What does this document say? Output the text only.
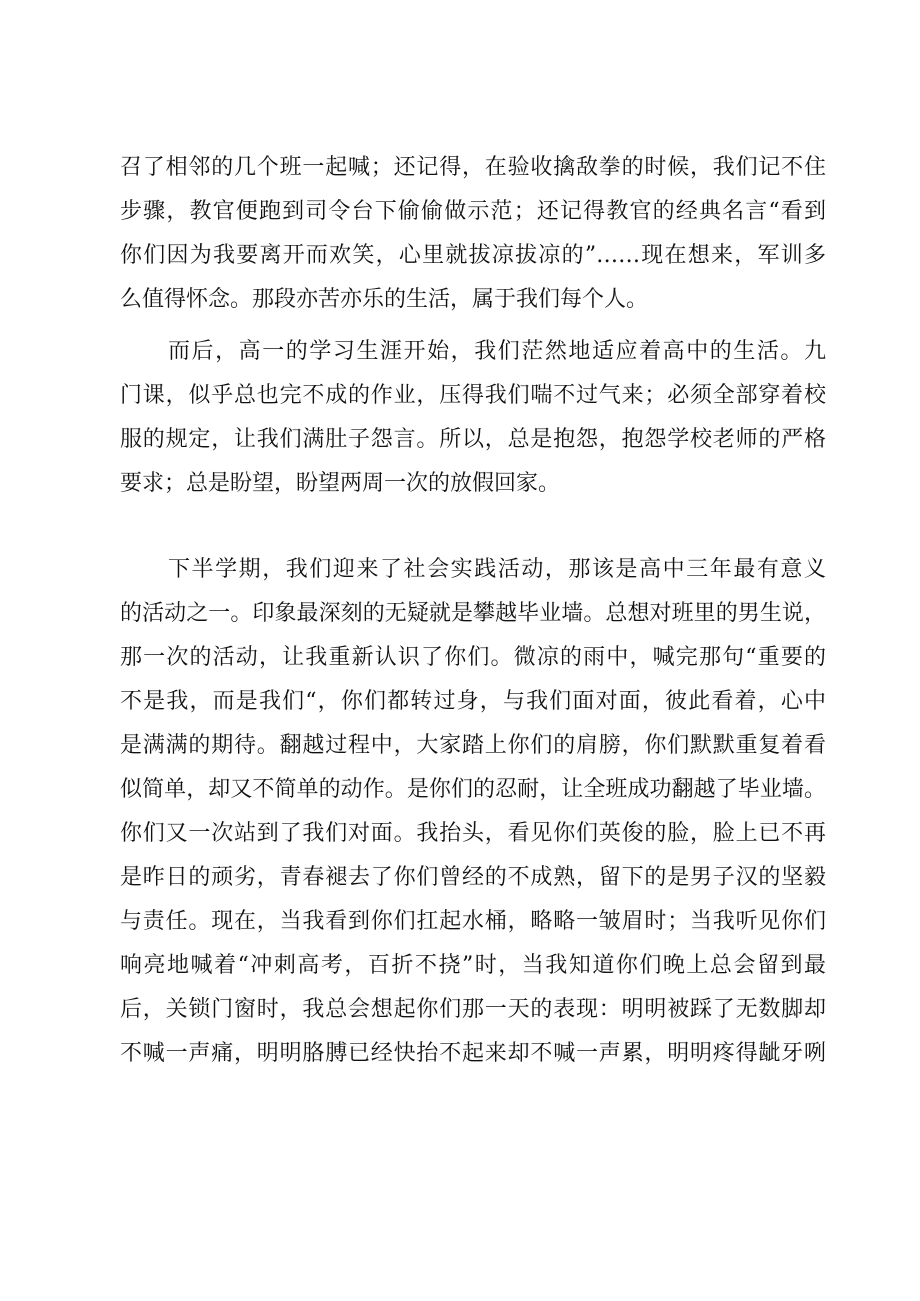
召了相邻的几个班一起喊；还记得，在验收擒敌拳的时候，我们记不住
步骤，教官便跑到司令台下偷偷做示范；还记得教官的经典名言“看到
你们因为我要离开而欢笑，心里就拔凉拔凉的”……现在想来，军训多
么值得怀念。那段亦苦亦乐的生活，属于我们每个人。
而后，高一的学习生涯开始，我们茫然地适应着高中的生活。九
门课，似乎总也完不成的作业，压得我们喘不过气来；必须全部穿着校
服的规定，让我们满肚子怨言。所以，总是抱怨，抱怨学校老师的严格
要求；总是盼望，盼望两周一次的放假回家。
下半学期，我们迎来了社会实践活动，那该是高中三年最有意义
的活动之一。印象最深刻的无疑就是攀越毕业墙。总想对班里的男生说，
那一次的活动，让我重新认识了你们。微凉的雨中，喊完那句“重要的
不是我，而是我们“，你们都转过身，与我们面对面，彼此看着，心中
是满满的期待。翻越过程中，大家踏上你们的肩膀，你们默默重复着看
似简单，却又不简单的动作。是你们的忍耐，让全班成功翻越了毕业墙。
你们又一次站到了我们对面。我抬头，看见你们英俊的脸，脸上已不再
是昨日的顽劣，青春褪去了你们曾经的不成熟，留下的是男子汉的坚毅
与责任。现在，当我看到你们扛起水桶，略略一皱眉时；当我听见你们
响亮地喊着“冲刺高考，百折不挠”时，当我知道你们晚上总会留到最
后，关锁门窗时，我总会想起你们那一天的表现：明明被踩了无数脚却
不喊一声痛，明明胳膊已经快抬不起来却不喊一声累，明明疼得龇牙咧
